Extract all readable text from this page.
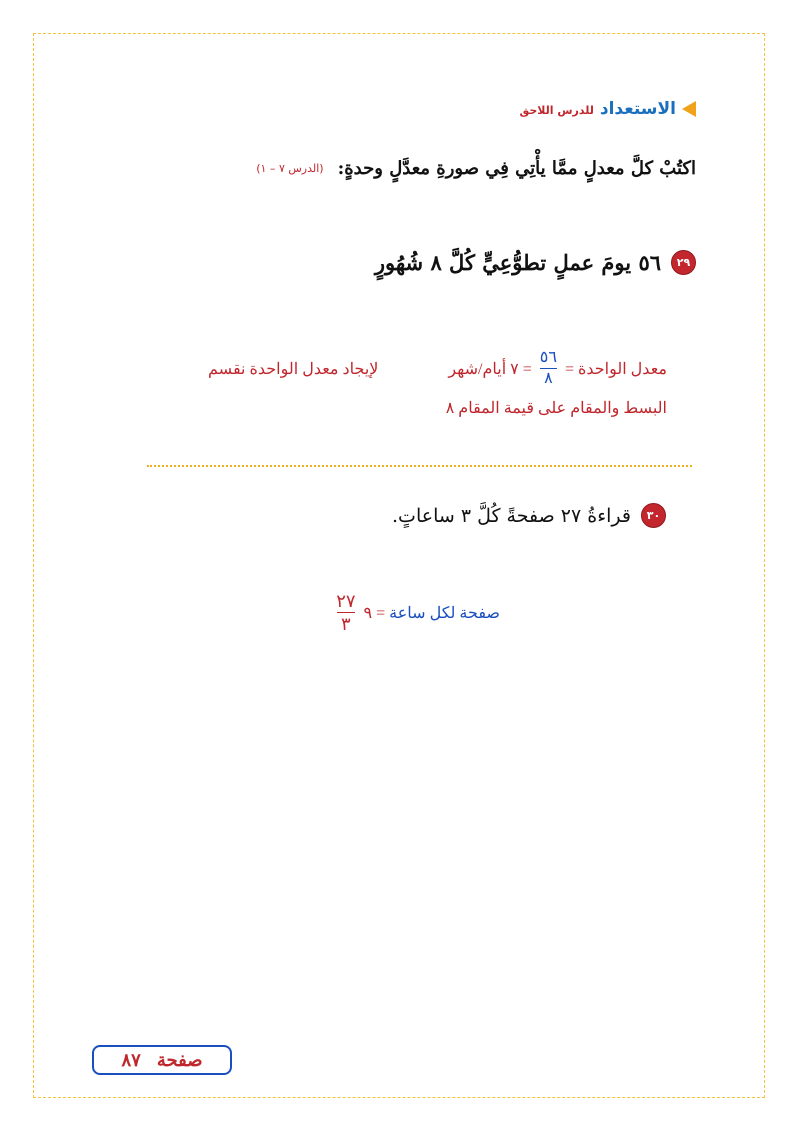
الاستعداد
للدرس اللاحق
اكتُبْ كلَّ معدلٍ ممَّا يأْتِي فِي صورةِ معدَّلٍ وحدةٍ:
(الدرس ٧ – ١)
٢٩
٥٦ يومَ عملٍ تطوُّعِيٍّ كُلَّ ٨ شُهُورٍ
معدل الواحدة =
$\frac{٥٦}{٨}$
= ٧ أيام/شهر
لإيجاد معدل الواحدة نقسم
البسط والمقام على قيمة المقام ٨
٣٠
قراءةُ ٢٧ صفحةً كُلَّ ٣ ساعاتٍ.
صفحة لكل ساعة
= ٩
$\frac{٢٧}{٣}$
صفحة
٨٧
